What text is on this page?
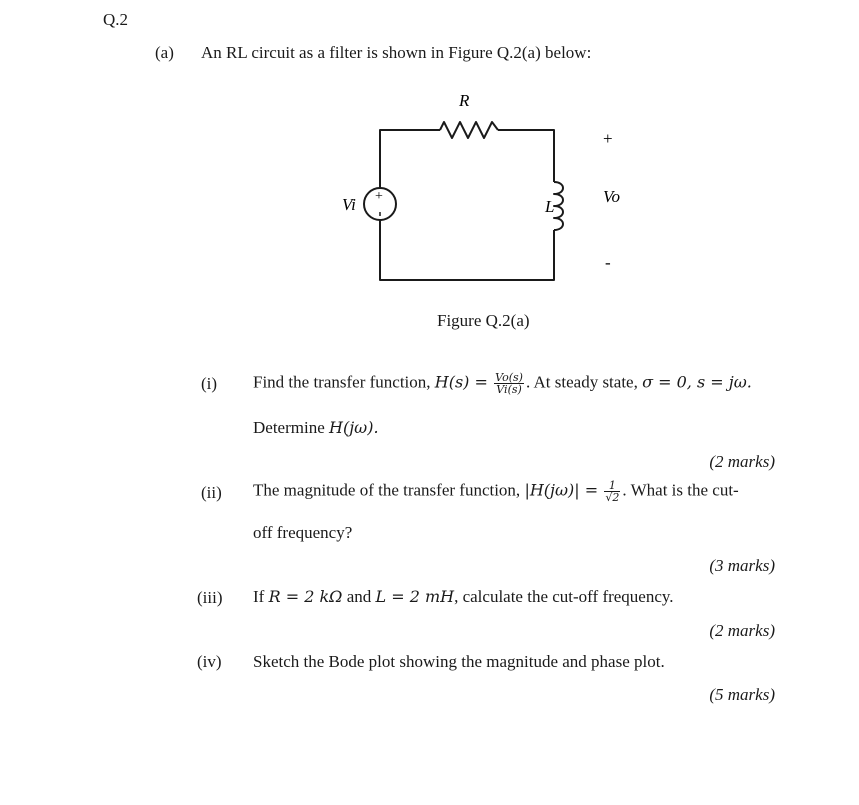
Q.2
(a) An RL circuit as a filter is shown in Figure Q.2(a) below:
R
+
Vi	L
+
Vo
-
Figure Q.2(a)
(i) Find the transfer function, $H(s) = \frac{Vo(s)}{Vi(s)}$ . At steady state, σ = 0, s = jω.
Determine H(jω).
(2 marks)
(ii) The magnitude of the transfer function, $|H(j\omega)| = \frac{1}{√2}$ . What is the cut-
off frequency?
(3 marks)
(iii) If R = 2 kΩ and L = 2 mH, calculate the cut-off frequency.
(2 marks)
(iv) Sketch the Bode plot showing the magnitude and phase plot.
(5 marks)
